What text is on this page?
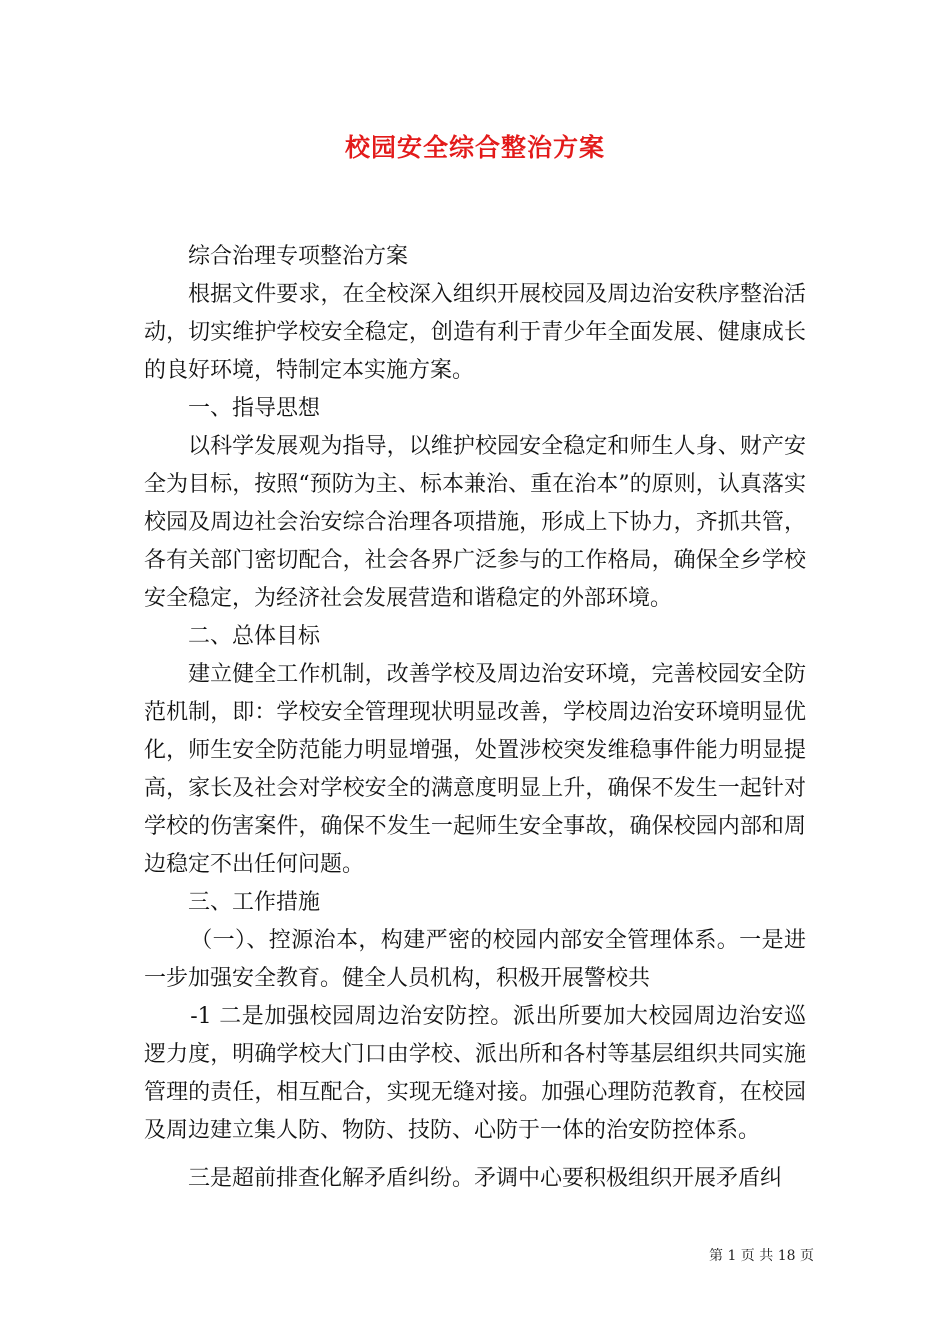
校园安全综合整治方案

综合治理专项整治方案

根据文件要求，在全校深入组织开展校园及周边治安秩序整治活动，切实维护学校安全稳定，创造有利于青少年全面发展、健康成长的良好环境，特制定本实施方案。

一、指导思想

以科学发展观为指导，以维护校园安全稳定和师生人身、财产安全为目标，按照“预防为主、标本兼治、重在治本”的原则，认真落实校园及周边社会治安综合治理各项措施，形成上下协力，齐抓共管，各有关部门密切配合，社会各界广泛参与的工作格局，确保全乡学校安全稳定，为经济社会发展营造和谐稳定的外部环境。

二、总体目标

建立健全工作机制，改善学校及周边治安环境，完善校园安全防范机制，即：学校安全管理现状明显改善，学校周边治安环境明显优化，师生安全防范能力明显增强，处置涉校突发维稳事件能力明显提高，家长及社会对学校安全的满意度明显上升，确保不发生一起针对学校的伤害案件，确保不发生一起师生安全事故，确保校园内部和周边稳定不出任何问题。

三、工作措施

（一）、控源治本，构建严密的校园内部安全管理体系。一是进一步加强安全教育。健全人员机构，积极开展警校共

-1 二是加强校园周边治安防控。派出所要加大校园周边治安巡逻力度，明确学校大门口由学校、派出所和各村等基层组织共同实施管理的责任，相互配合，实现无缝对接。加强心理防范教育，在校园及周边建立集人防、物防、技防、心防于一体的治安防控体系。

三是超前排查化解矛盾纠纷。矛调中心要积极组织开展矛盾纠

第 1 页 共 18 页
